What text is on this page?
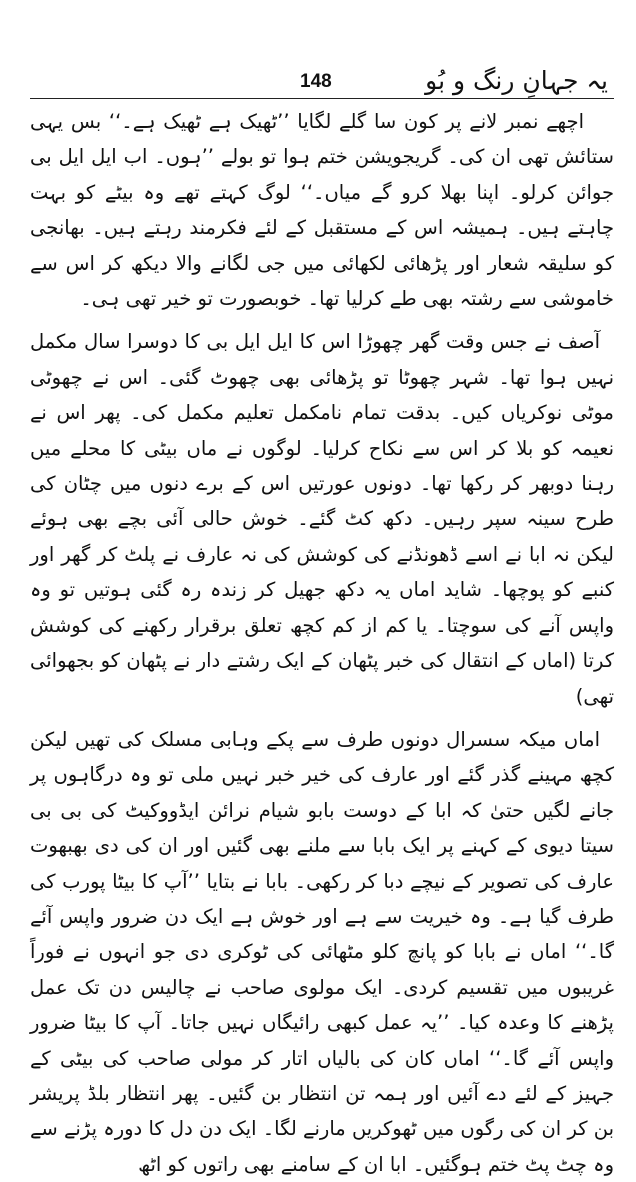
یہ جہانِ رنگ و بُو
148

اچھے نمبر لانے پر کون سا گلے لگایا ’’ٹھیک ہے ٹھیک ہے۔‘‘ بس یہی ستائش تھی ان کی۔ گریجویشن ختم ہوا تو بولے ’’ہوں۔ اب ایل ایل بی جوائن کرلو۔ اپنا بھلا کرو گے میاں۔‘‘ لوگ کہتے تھے وہ بیٹے کو بہت چاہتے ہیں۔ ہمیشہ اس کے مستقبل کے لئے فکرمند رہتے ہیں۔ بھانجی کو سلیقہ شعار اور پڑھائی لکھائی میں جی لگانے والا دیکھ کر اس سے خاموشی سے رشتہ بھی طے کرلیا تھا۔ خوبصورت تو خیر تھی ہی۔

آصف نے جس وقت گھر چھوڑا اس کا ایل ایل بی کا دوسرا سال مکمل نہیں ہوا تھا۔ شہر چھوٹا تو پڑھائی بھی چھوٹ گئی۔ اس نے چھوٹی موٹی نوکریاں کیں۔ بدقت تمام نامکمل تعلیم مکمل کی۔ پھر اس نے نعیمہ کو بلا کر اس سے نکاح کرلیا۔ لوگوں نے ماں بیٹی کا محلے میں رہنا دوبھر کر رکھا تھا۔ دونوں عورتیں اس کے برے دنوں میں چٹان کی طرح سینہ سپر رہیں۔ دکھ کٹ گئے۔ خوش حالی آئی بچے بھی ہوئے لیکن نہ ابا نے اسے ڈھونڈنے کی کوشش کی نہ عارف نے پلٹ کر گھر اور کنبے کو پوچھا۔ شاید اماں یہ دکھ جھیل کر زندہ رہ گئی ہوتیں تو وہ واپس آنے کی سوچتا۔ یا کم از کم کچھ تعلق برقرار رکھنے کی کوشش کرتا (اماں کے انتقال کی خبر پٹھان کے ایک رشتے دار نے پٹھان کو بجھوائی تھی)

اماں میکہ سسرال دونوں طرف سے پکے وہابی مسلک کی تھیں لیکن کچھ مہینے گذر گئے اور عارف کی خیر خبر نہیں ملی تو وہ درگاہوں پر جانے لگیں حتیٰ کہ ابا کے دوست بابو شیام نرائن ایڈووکیٹ کی بی بی سیتا دیوی کے کہنے پر ایک بابا سے ملنے بھی گئیں اور ان کی دی بھبھوت عارف کی تصویر کے نیچے دبا کر رکھی۔ بابا نے بتایا ’’آپ کا بیٹا پورب کی طرف گیا ہے۔ وہ خیریت سے ہے اور خوش ہے ایک دن ضرور واپس آئے گا۔‘‘ اماں نے بابا کو پانچ کلو مٹھائی کی ٹوکری دی جو انہوں نے فوراً غریبوں میں تقسیم کردی۔ ایک مولوی صاحب نے چالیس دن تک عمل پڑھنے کا وعدہ کیا۔ ’’یہ عمل کبھی رائیگاں نہیں جاتا۔ آپ کا بیٹا ضرور واپس آئے گا۔‘‘ اماں کان کی بالیاں اتار کر مولی صاحب کی بیٹی کے جہیز کے لئے دے آئیں اور ہمہ تن انتظار بن گئیں۔ پھر انتظار بلڈ پریشر بن کر ان کی رگوں میں ٹھوکریں مارنے لگا۔ ایک دن دل کا دورہ پڑنے سے وہ چٹ پٹ ختم ہوگئیں۔ ابا ان کے سامنے بھی راتوں کو اٹھ
